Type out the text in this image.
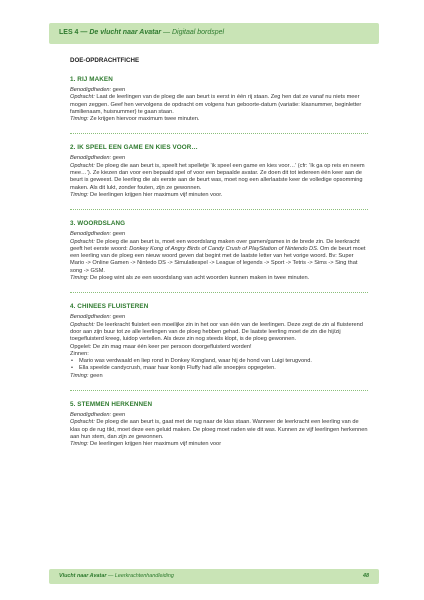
LES 4 — De vlucht naar Avatar — Digitaal bordspel
DOE-OPDRACHTFICHE
1. RIJ MAKEN
Benodigdheden: geen
Opdracht: Laat de leerlingen van de ploeg die aan beurt is eerst in één rij staan. Zeg hen dat ze vanaf nu niets meer mogen zeggen. Geef hen vervolgens de opdracht om volgens hun geboorte-datum (variatie: klasnummer, beginletter familienaam, huisnummer) te gaan staan.
Timing: Ze krijgen hiervoor maximum twee minuten.
2. IK SPEEL EEN GAME EN KIES VOOR…
Benodigdheden: geen
Opdracht: De ploeg die aan beurt is, speelt het spelletje ‘ik speel een game en kies voor…’ (cfr: ‘Ik ga op reis en neem mee…’). Ze kiezen dan voor een bepaald spel of voor een bepaalde avatar. Ze doen dit tot iedereen één keer aan de beurt is geweest. De leerling die als eerste aan de beurt was, moet nog een allerlaatste keer de volledige opsomming maken. Als dit lukt, zonder fouten, zijn ze gewonnen.
Timing: De leerlingen krijgen hier maximum vijf minuten voor.
3. WOORDSLANG
Benodigdheden: geen
Opdracht: De ploeg die aan beurt is, moet een woordslang maken over gamen/games in de brede zin. De leerkracht geeft het eerste woord: Donkey Kong of Angry Birds of Candy Crush of PlayStation of Nintendo DS. Om de beurt moet een leerling van de ploeg een nieuw woord geven dat begint met de laatste letter van het vorige woord. Bv: Super Mario -> Online Gamen -> Nintedo DS -> Simulatiespel -> League of legends -> Sport -> Tetris -> Sims -> Sing that song -> GSM.
Timing: De ploeg wint als ze een woordslang van acht woorden kunnen maken in twee minuten.
4. CHINEES FLUISTEREN
Benodigdheden: geen
Opdracht: De leerkracht fluistert een moeilijke zin in het oor van één van de leerlingen. Deze zegt de zin al fluisterend door aan zijn buur tot ze alle leerlingen van de ploeg hebben gehad. De laatste leerling moet de zin die hij/zij toegefluisterd kreeg, luidop vertellen. Als deze zin nog steeds klopt, is de ploeg gewonnen.
Opgelet: De zin mag maar één keer per persoon doorgefluisterd worden!
Zinnen:
• Mario was verdwaald en liep rond in Donkey Kongland, waar hij de hond van Luigi terugvond.
• Ella speelde candycrush, maar haar konijn Fluffy had alle snoepjes opgegeten.
Timing: geen
5. STEMMEN HERKENNEN
Benodigdheden: geen
Opdracht: De ploeg die aan beurt is, gaat met de rug naar de klas staan. Wanneer de leerkracht een leerling van de klas op de rug tikt, moet deze een geluid maken. De ploeg moet raden wie dit was. Kunnen ze vijf leerlingen herkennen aan hun stem, dan zijn ze gewonnen.
Timing: De leerlingen krijgen hier maximum vijf minuten voor
Vlucht naar Avatar — Leerkrachtenhandleiding	48
